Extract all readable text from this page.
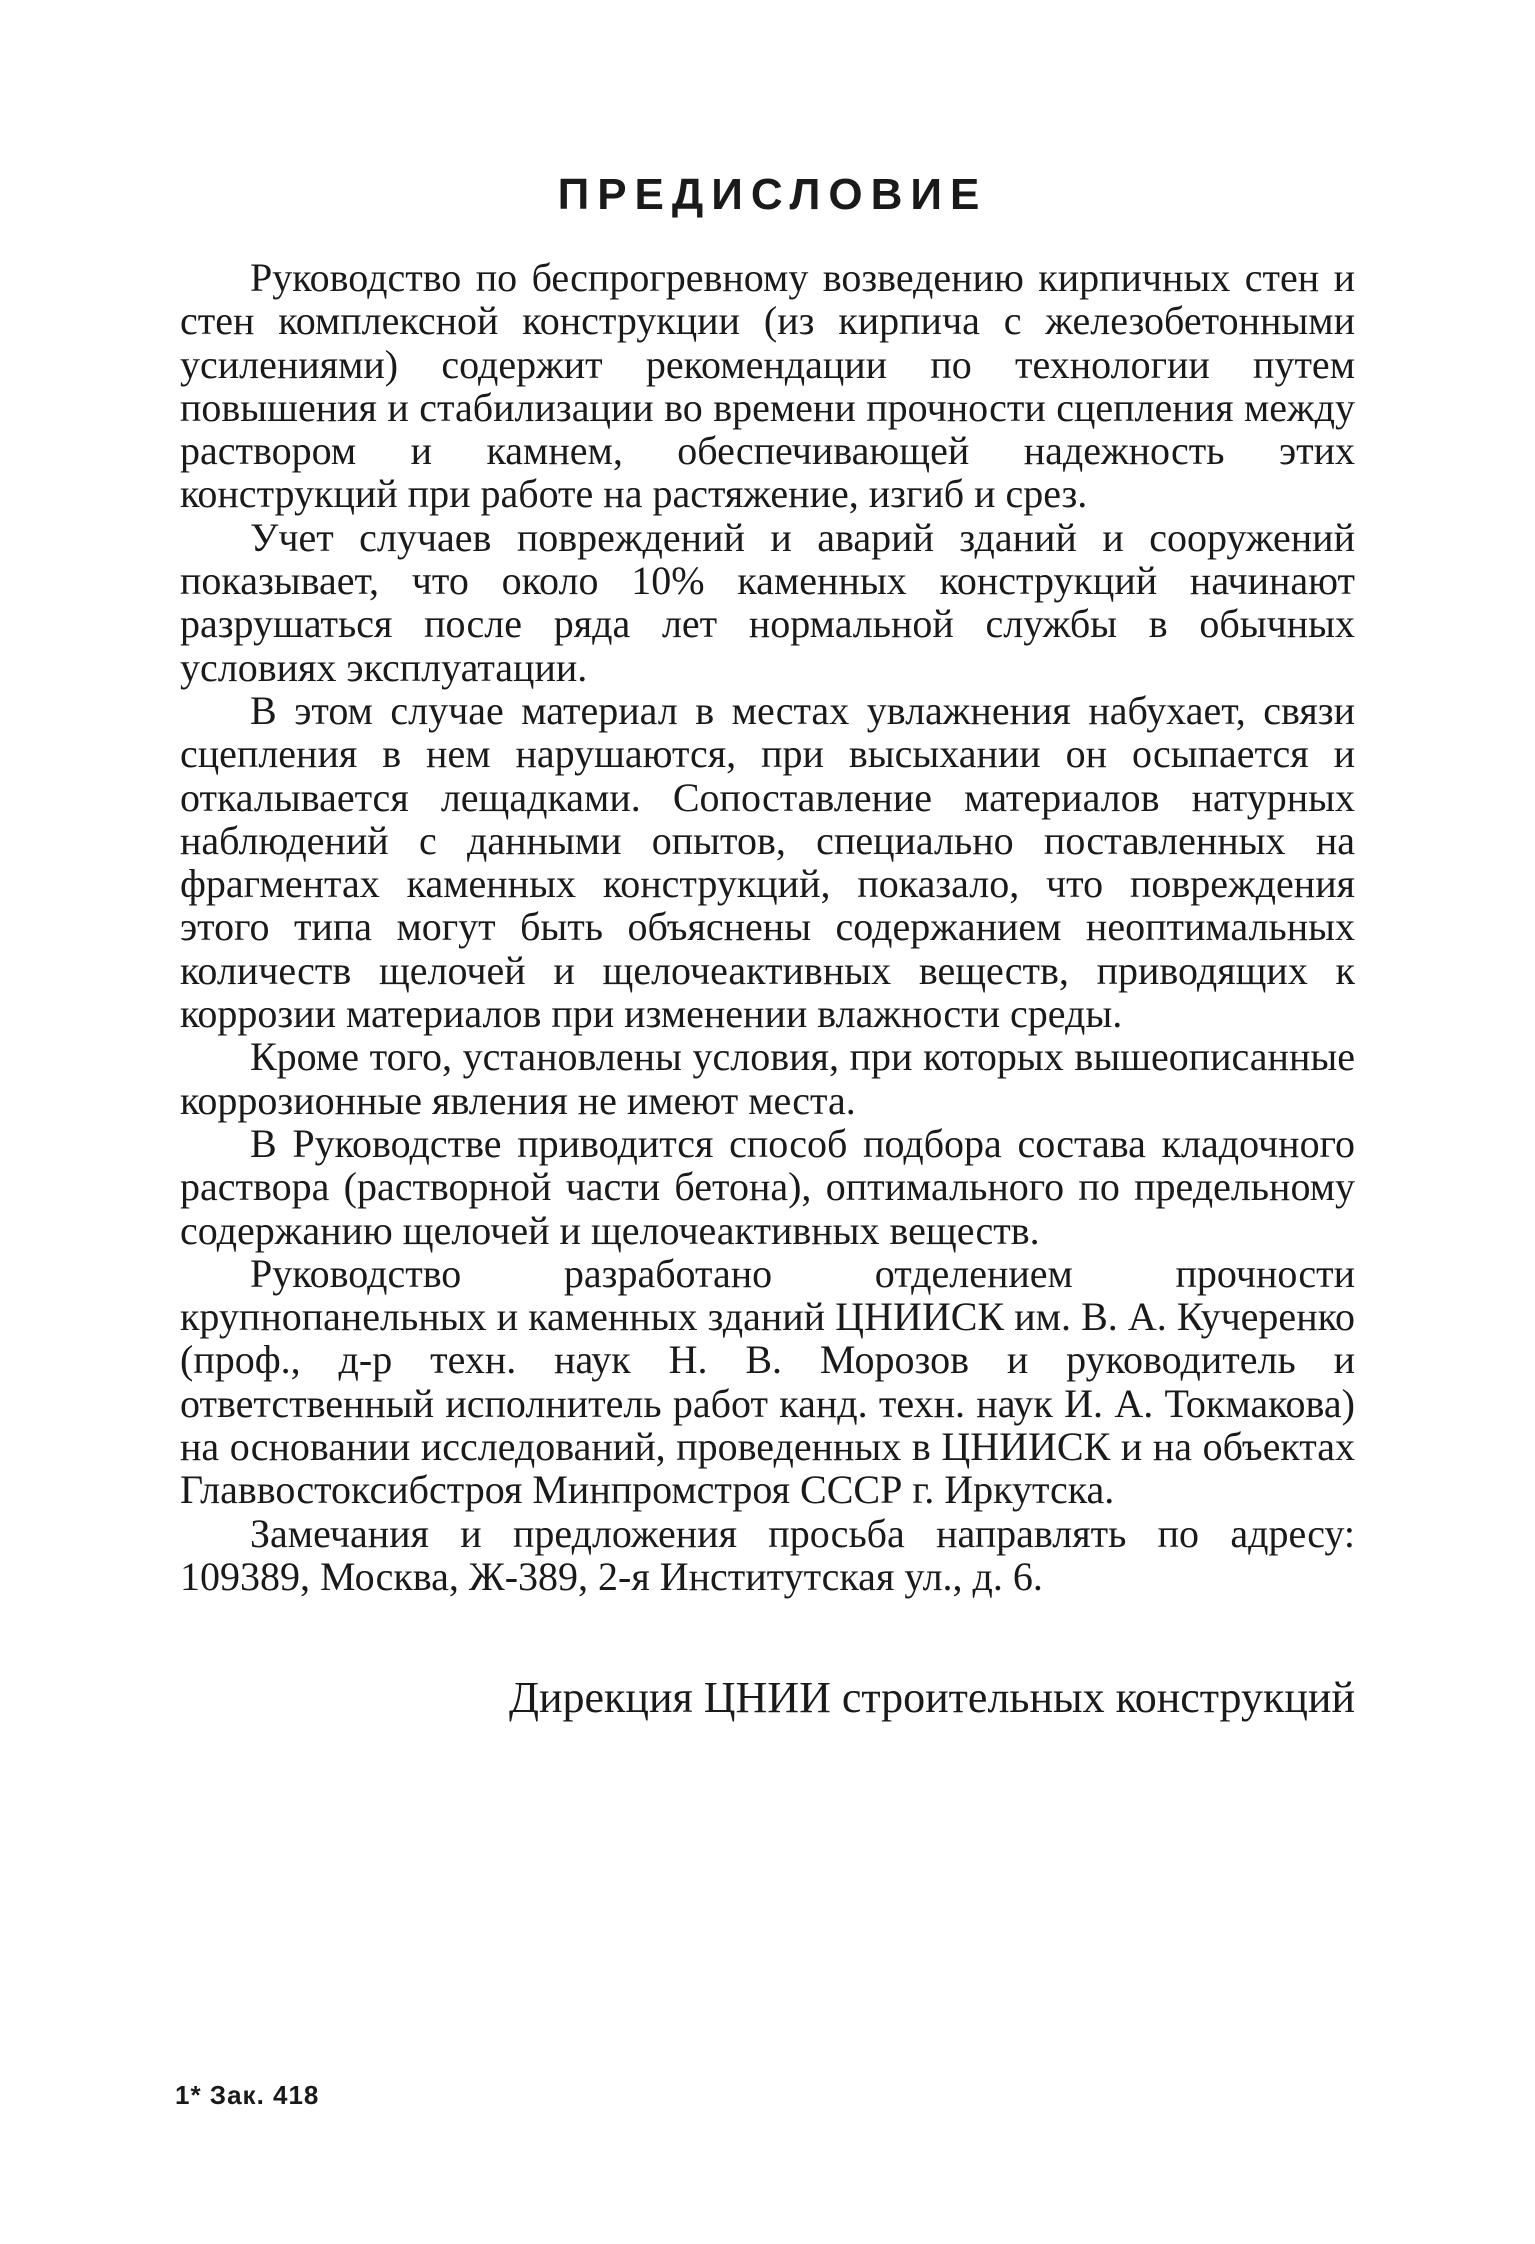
ПРЕДИСЛОВИЕ

Руководство по беспрогревному возведению кирпичных стен и стен комплексной конструкции (из кирпича с железобетонными усилениями) содержит рекомендации по технологии путем повышения и стабилизации во времени прочности сцепления между раствором и камнем, обеспечивающей надежность этих конструкций при работе на растяжение, изгиб и срез.

Учет случаев повреждений и аварий зданий и сооружений показывает, что около 10% каменных конструкций начинают разрушаться после ряда лет нормальной службы в обычных условиях эксплуатации.

В этом случае материал в местах увлажнения набухает, связи сцепления в нем нарушаются, при высыхании он осыпается и откалывается лещадками. Сопоставление материалов натурных наблюдений с данными опытов, специально поставленных на фрагментах каменных конструкций, показало, что повреждения этого типа могут быть объяснены содержанием неоптимальных количеств щелочей и щелочеактивных веществ, приводящих к коррозии материалов при изменении влажности среды.

Кроме того, установлены условия, при которых вышеописанные коррозионные явления не имеют места.

В Руководстве приводится способ подбора состава кладочного раствора (растворной части бетона), оптимального по предельному содержанию щелочей и щелочеактивных веществ.

Руководство разработано отделением прочности крупнопанельных и каменных зданий ЦНИИСК им. В. А. Кучеренко (проф., д-р техн. наук Н. В. Морозов и руководитель и ответственный исполнитель работ канд. техн. наук И. А. Токмакова) на основании исследований, проведенных в ЦНИИСК и на объектах Главвостоксибстроя Минпромстроя СССР г. Иркутска.

Замечания и предложения просьба направлять по адресу: 109389, Москва, Ж-389, 2-я Институтская ул., д. 6.

Дирекция ЦНИИ строительных конструкций
1* Зак. 418
